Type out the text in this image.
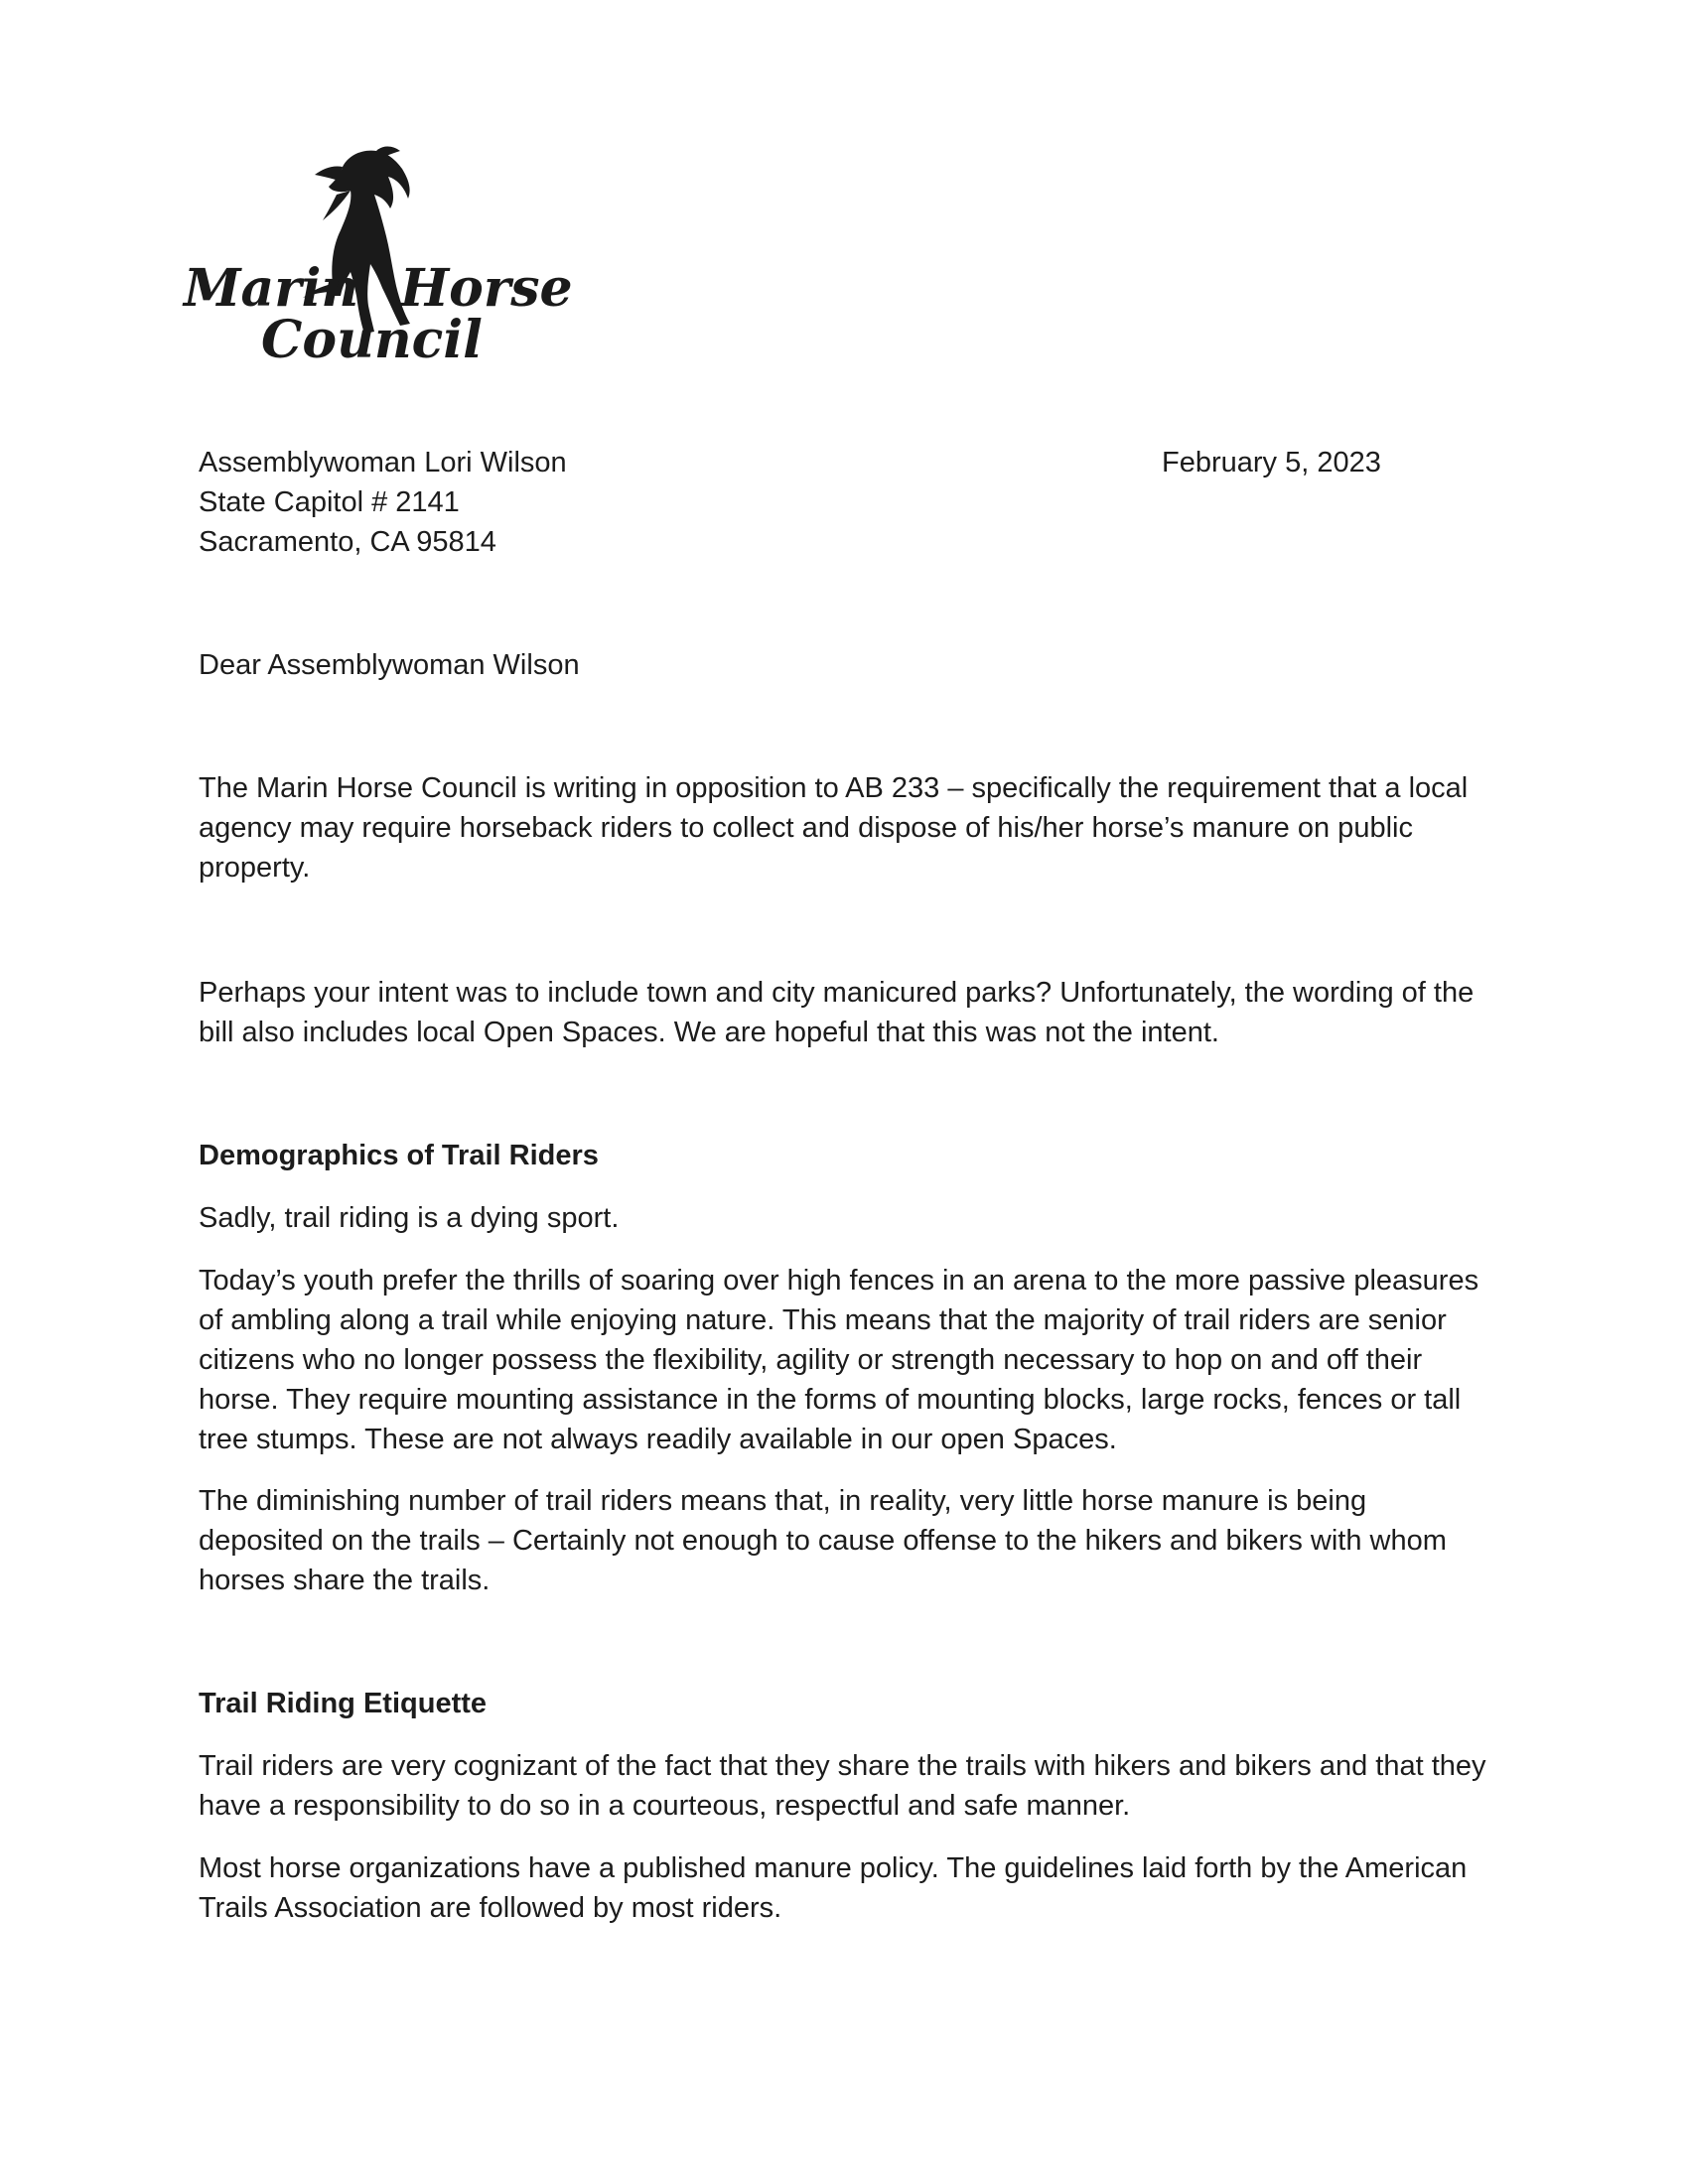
Marin Horse
Council
Assemblywoman Lori Wilson
State Capitol # 2141
Sacramento, CA 95814
February 5, 2023
Dear Assemblywoman Wilson
The Marin Horse Council is writing in opposition to AB 233 – specifically the requirement that a local agency may require horseback riders to collect and dispose of his/her horse’s manure on public property.
Perhaps your intent was to include town and city manicured parks? Unfortunately, the wording of the bill also includes local Open Spaces. We are hopeful that this was not the intent.
Demographics of Trail Riders
Sadly, trail riding is a dying sport.
Today’s youth prefer the thrills of soaring over high fences in an arena to the more passive pleasures of ambling along a trail while enjoying nature. This means that the majority of trail riders are senior citizens who no longer possess the flexibility, agility or strength necessary to hop on and off their horse. They require mounting assistance in the forms of mounting blocks, large rocks, fences or tall tree stumps. These are not always readily available in our open Spaces.
The diminishing number of trail riders means that, in reality, very little horse manure is being deposited on the trails – Certainly not enough to cause offense to the hikers and bikers with whom horses share the trails.
Trail Riding Etiquette
Trail riders are very cognizant of the fact that they share the trails with hikers and bikers and that they have a responsibility to do so in a courteous, respectful and safe manner.
Most horse organizations have a published manure policy. The guidelines laid forth by the American Trails Association are followed by most riders.
